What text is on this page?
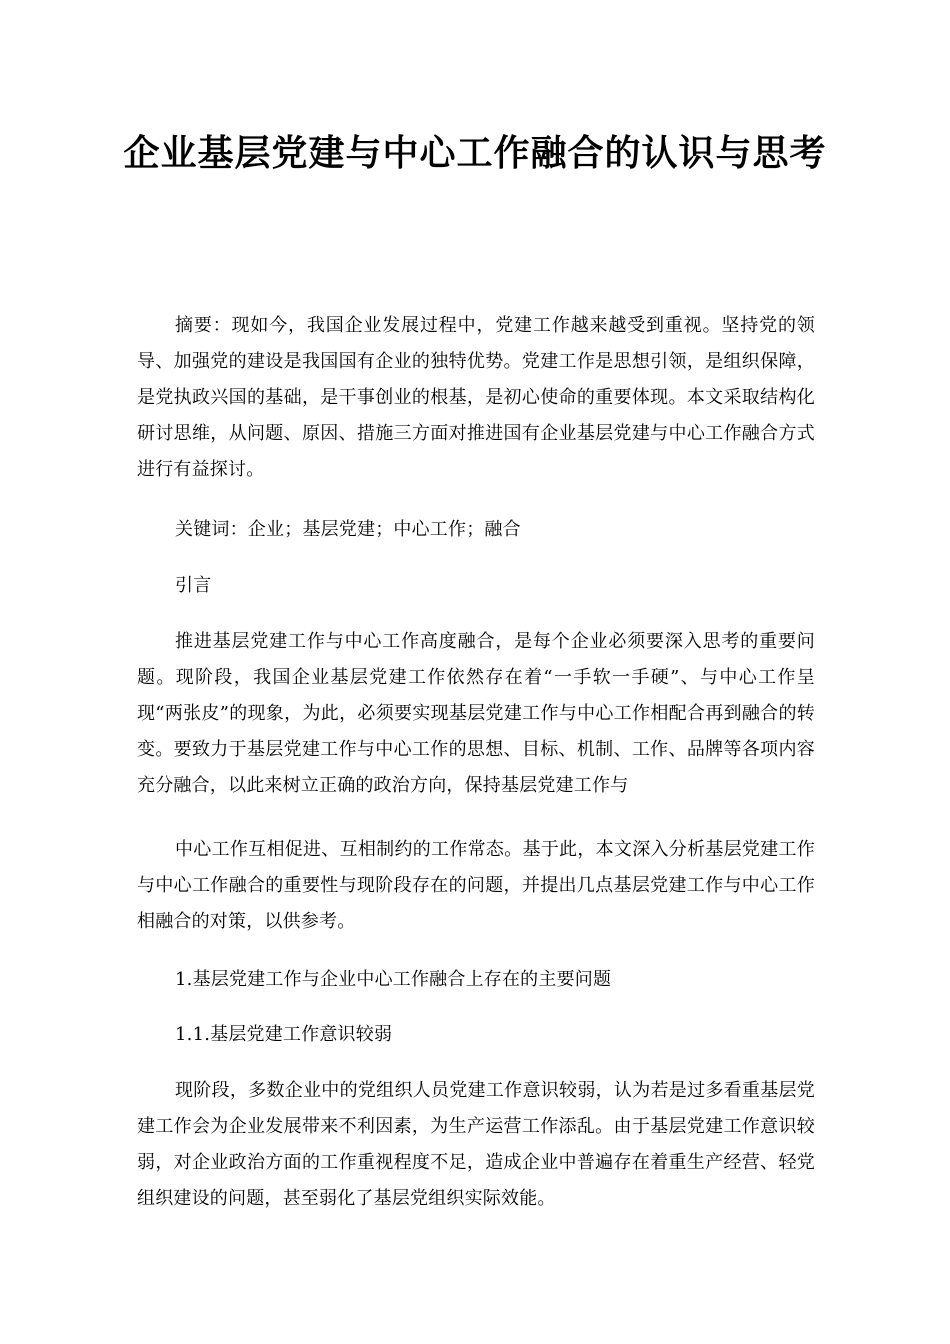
企业基层党建与中心工作融合的认识与思考

摘要：现如今，我国企业发展过程中，党建工作越来越受到重视。坚持党的领导、加强党的建设是我国国有企业的独特优势。党建工作是思想引领，是组织保障，是党执政兴国的基础，是干事创业的根基，是初心使命的重要体现。本文采取结构化研讨思维，从问题、原因、措施三方面对推进国有企业基层党建与中心工作融合方式进行有益探讨。

关键词：企业；基层党建；中心工作；融合

引言

推进基层党建工作与中心工作高度融合，是每个企业必须要深入思考的重要问题。现阶段，我国企业基层党建工作依然存在着“一手软一手硬”、与中心工作呈现“两张皮”的现象，为此，必须要实现基层党建工作与中心工作相配合再到融合的转变。要致力于基层党建工作与中心工作的思想、目标、机制、工作、品牌等各项内容充分融合，以此来树立正确的政治方向，保持基层党建工作与

中心工作互相促进、互相制约的工作常态。基于此，本文深入分析基层党建工作与中心工作融合的重要性与现阶段存在的问题，并提出几点基层党建工作与中心工作相融合的对策，以供参考。

1.基层党建工作与企业中心工作融合上存在的主要问题

1.1.基层党建工作意识较弱

现阶段，多数企业中的党组织人员党建工作意识较弱，认为若是过多看重基层党建工作会为企业发展带来不利因素，为生产运营工作添乱。由于基层党建工作意识较弱，对企业政治方面的工作重视程度不足，造成企业中普遍存在着重生产经营、轻党组织建设的问题，甚至弱化了基层党组织实际效能。
